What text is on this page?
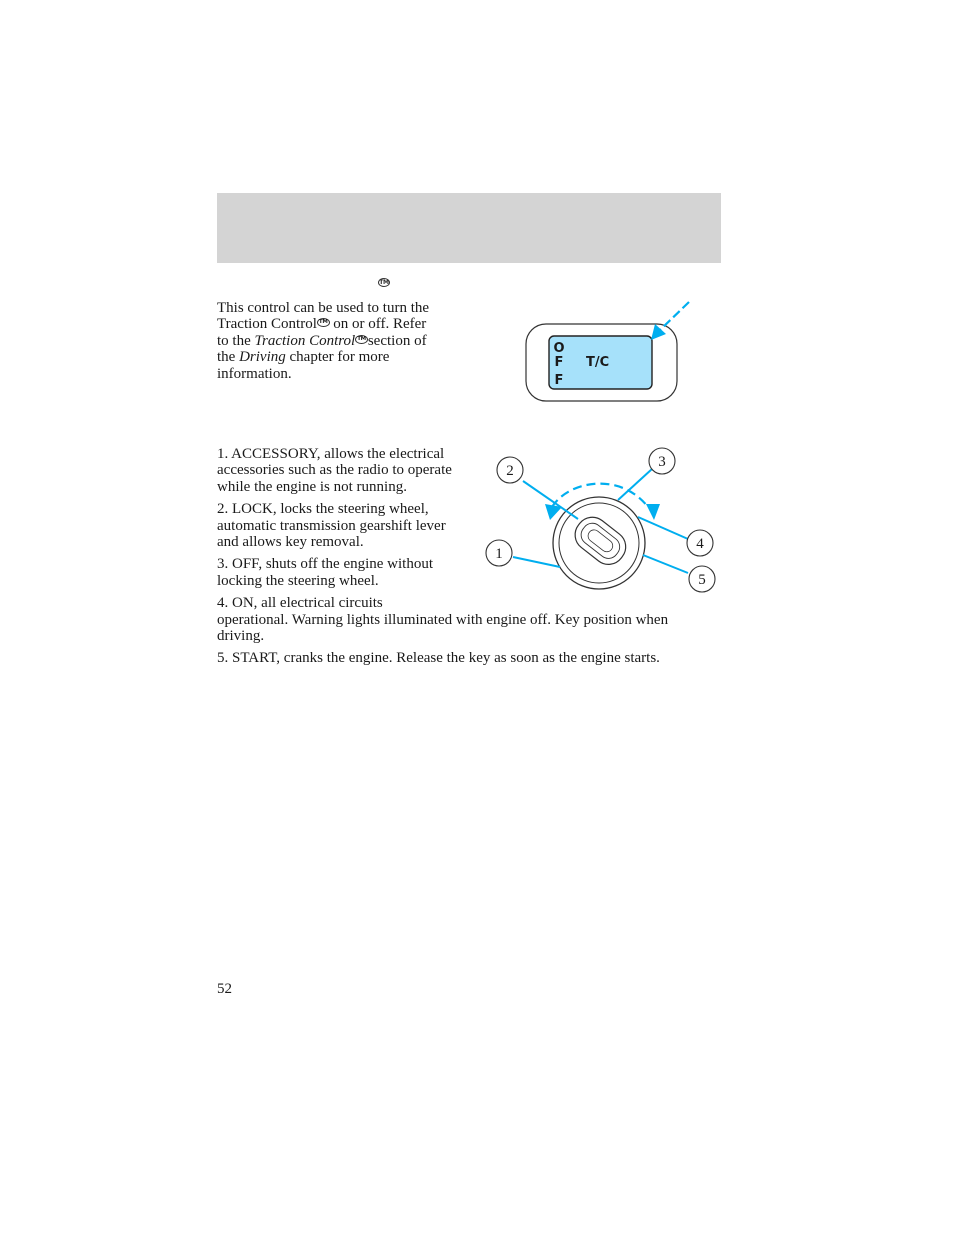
TM

This control can be used to turn the
Traction Control TM on or off. Refer
to the Traction Control TM section of
the Driving chapter for more
information.

O
F
F
T/C
1
2
3
4
5
1. ACCESSORY, allows the electrical accessories such as the radio to operate while the engine is not running.
2. LOCK, locks the steering wheel, automatic transmission gearshift lever and allows key removal.
3. OFF, shuts off the engine without locking the steering wheel.
4. ON, all electrical circuits
operational. Warning lights illuminated with engine off. Key position when driving.
5. START, cranks the engine. Release the key as soon as the engine starts.
52
